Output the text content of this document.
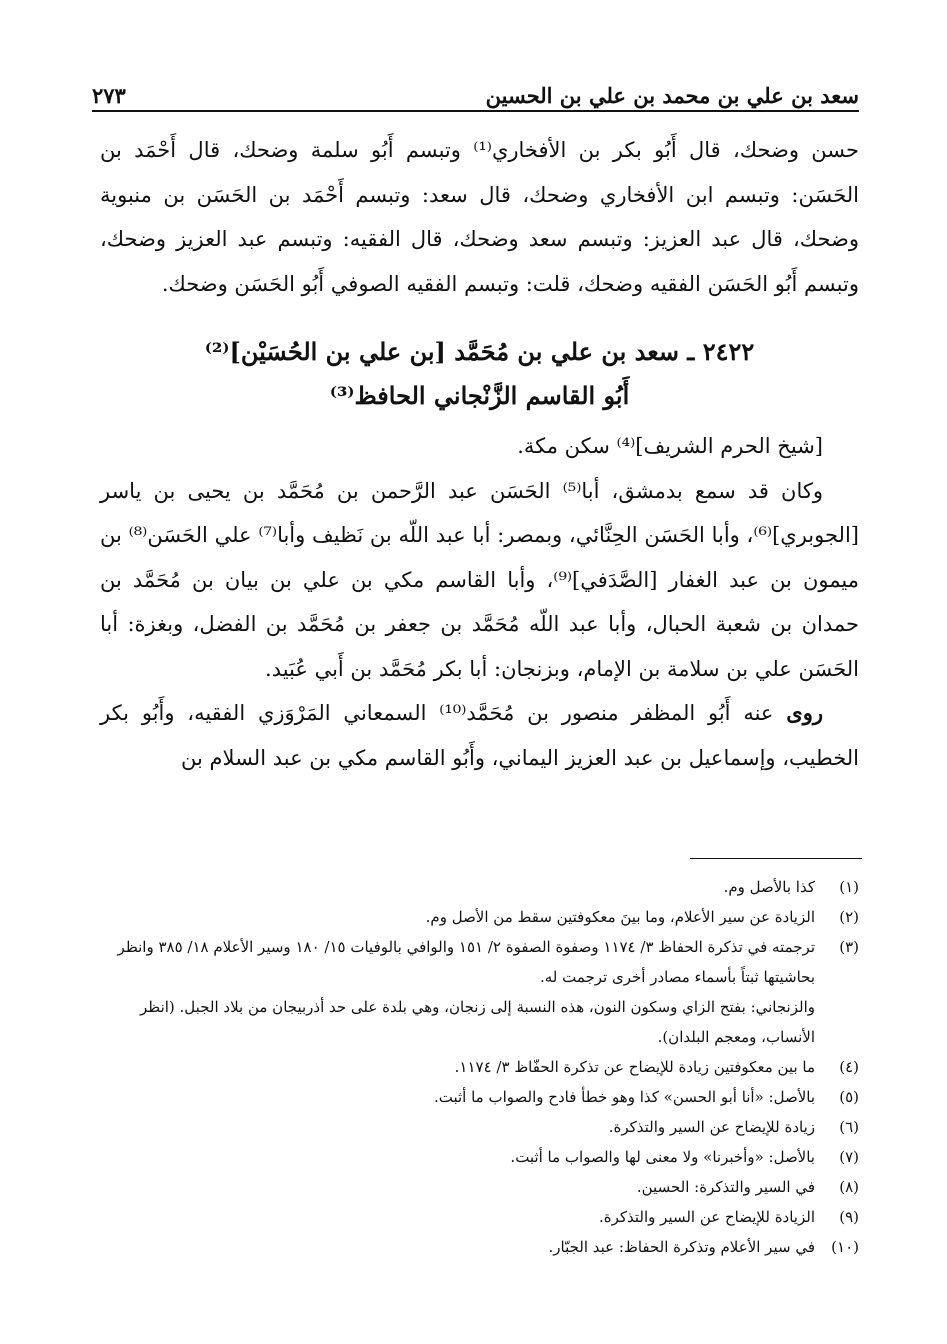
سعد بن علي بن محمد بن علي بن الحسين
٢٧٣

حسن وضحك، قال أَبُو بكر بن الأفخاري⁽¹⁾ وتبسم أَبُو سلمة وضحك، قال أَحْمَد بن الحَسَن: وتبسم ابن الأفخاري وضحك، قال سعد: وتبسم أَحْمَد بن الحَسَن بن منبوية وضحك، قال عبد العزيز: وتبسم سعد وضحك، قال الفقيه: وتبسم عبد العزيز وضحك، وتبسم أَبُو الحَسَن الفقيه وضحك، قلت: وتبسم الفقيه الصوفي أَبُو الحَسَن وضحك.

٢٤٢٢ ـ سعد بن علي بن مُحَمَّد [بن علي بن الحُسَيْن]⁽²⁾
أَبُو القاسم الزَّنْجاني الحافظ⁽³⁾

[شيخ الحرم الشريف]⁽⁴⁾ سكن مكة.

وكان قد سمع بدمشق، أبا⁽⁵⁾ الحَسَن عبد الرَّحمن بن مُحَمَّد بن يحيى بن ياسر [الجوبري]⁽⁶⁾، وأبا الحَسَن الحِنَّائي، وبمصر: أبا عبد اللّه بن نَظيف وأبا⁽⁷⁾ علي الحَسَن⁽⁸⁾ بن ميمون بن عبد الغفار [الصَّدَفي]⁽⁹⁾، وأبا القاسم مكي بن علي بن بيان بن مُحَمَّد بن حمدان بن شعبة الحبال، وأبا عبد اللّه مُحَمَّد بن جعفر بن مُحَمَّد بن الفضل، وبغزة: أبا الحَسَن علي بن سلامة بن الإمام، وبزنجان: أبا بكر مُحَمَّد بن أَبي عُبَيد.

روى عنه أَبُو المظفر منصور بن مُحَمَّد⁽¹⁰⁾ السمعاني المَرْوَزي الفقيه، وأَبُو بكر الخطيب، وإسماعيل بن عبد العزيز اليماني، وأَبُو القاسم مكي بن عبد السلام بن

(١)
كذا بالأصل وم.
(٢)
الزيادة عن سير الأعلام، وما بينَ معكوفتين سقط من الأصل وم.
(٣)
ترجمته في تذكرة الحفاظ ٣/ ١١٧٤ وصفوة الصفوة ٢/ ١٥١ والوافي بالوفيات ١٥/ ١٨٠ وسير الأعلام ١٨/ ٣٨٥ وانظر بحاشيتها ثبتاً بأسماء مصادر أخرى ترجمت له.
والزنجاني: بفتح الزاي وسكون النون، هذه النسبة إلى زنجان، وهي بلدة على حد أذربيجان من بلاد الجبل. (انظر الأنساب، ومعجم البلدان).
(٤)
ما بين معكوفتين زيادة للإيضاح عن تذكرة الحفّاظ ٣/ ١١٧٤.
(٥)
بالأصل: «أنا أبو الحسن» كذا وهو خطأ فادح والصواب ما أثبت.
(٦)
زيادة للإيضاح عن السير والتذكرة.
(٧)
بالأصل: «وأخبرنا» ولا معنى لها والصواب ما أثبت.
(٨)
في السير والتذكرة: الحسين.
(٩)
الزيادة للإيضاح عن السير والتذكرة.
(١٠)
في سير الأعلام وتذكرة الحفاظ: عبد الجبّار.
